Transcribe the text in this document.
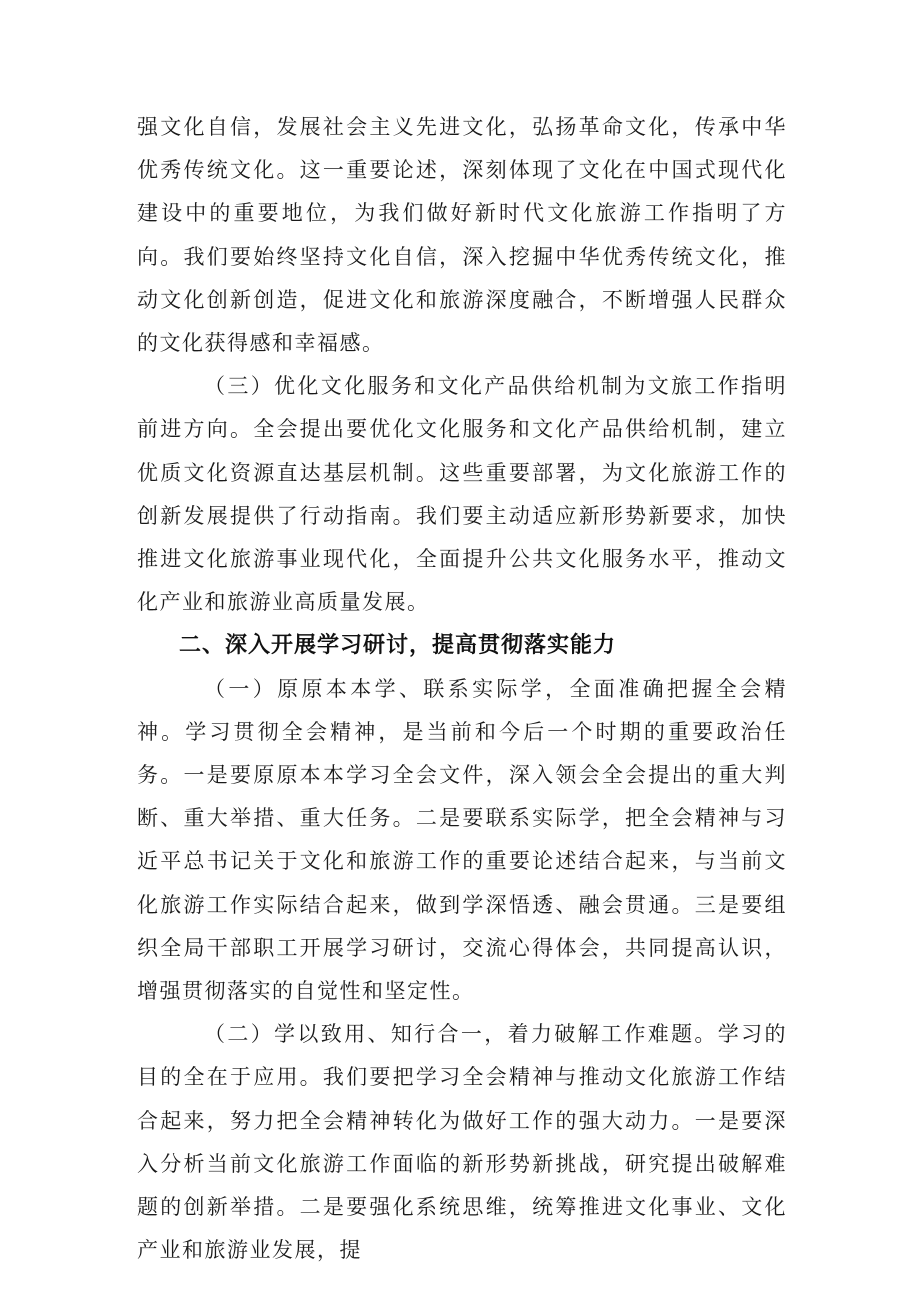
强文化自信，发展社会主义先进文化，弘扬革命文化，传承中华优秀传统文化。这一重要论述，深刻体现了文化在中国式现代化建设中的重要地位，为我们做好新时代文化旅游工作指明了方向。我们要始终坚持文化自信，深入挖掘中华优秀传统文化，推动文化创新创造，促进文化和旅游深度融合，不断增强人民群众的文化获得感和幸福感。

（三）优化文化服务和文化产品供给机制为文旅工作指明前进方向。全会提出要优化文化服务和文化产品供给机制，建立优质文化资源直达基层机制。这些重要部署，为文化旅游工作的创新发展提供了行动指南。我们要主动适应新形势新要求，加快推进文化旅游事业现代化，全面提升公共文化服务水平，推动文化产业和旅游业高质量发展。

二、深入开展学习研讨，提高贯彻落实能力

（一）原原本本学、联系实际学，全面准确把握全会精神。学习贯彻全会精神，是当前和今后一个时期的重要政治任务。一是要原原本本学习全会文件，深入领会全会提出的重大判断、重大举措、重大任务。二是要联系实际学，把全会精神与习近平总书记关于文化和旅游工作的重要论述结合起来，与当前文化旅游工作实际结合起来，做到学深悟透、融会贯通。三是要组织全局干部职工开展学习研讨，交流心得体会，共同提高认识，增强贯彻落实的自觉性和坚定性。

（二）学以致用、知行合一，着力破解工作难题。学习的目的全在于应用。我们要把学习全会精神与推动文化旅游工作结合起来，努力把全会精神转化为做好工作的强大动力。一是要深入分析当前文化旅游工作面临的新形势新挑战，研究提出破解难题的创新举措。二是要强化系统思维，统筹推进文化事业、文化产业和旅游业发展，提
